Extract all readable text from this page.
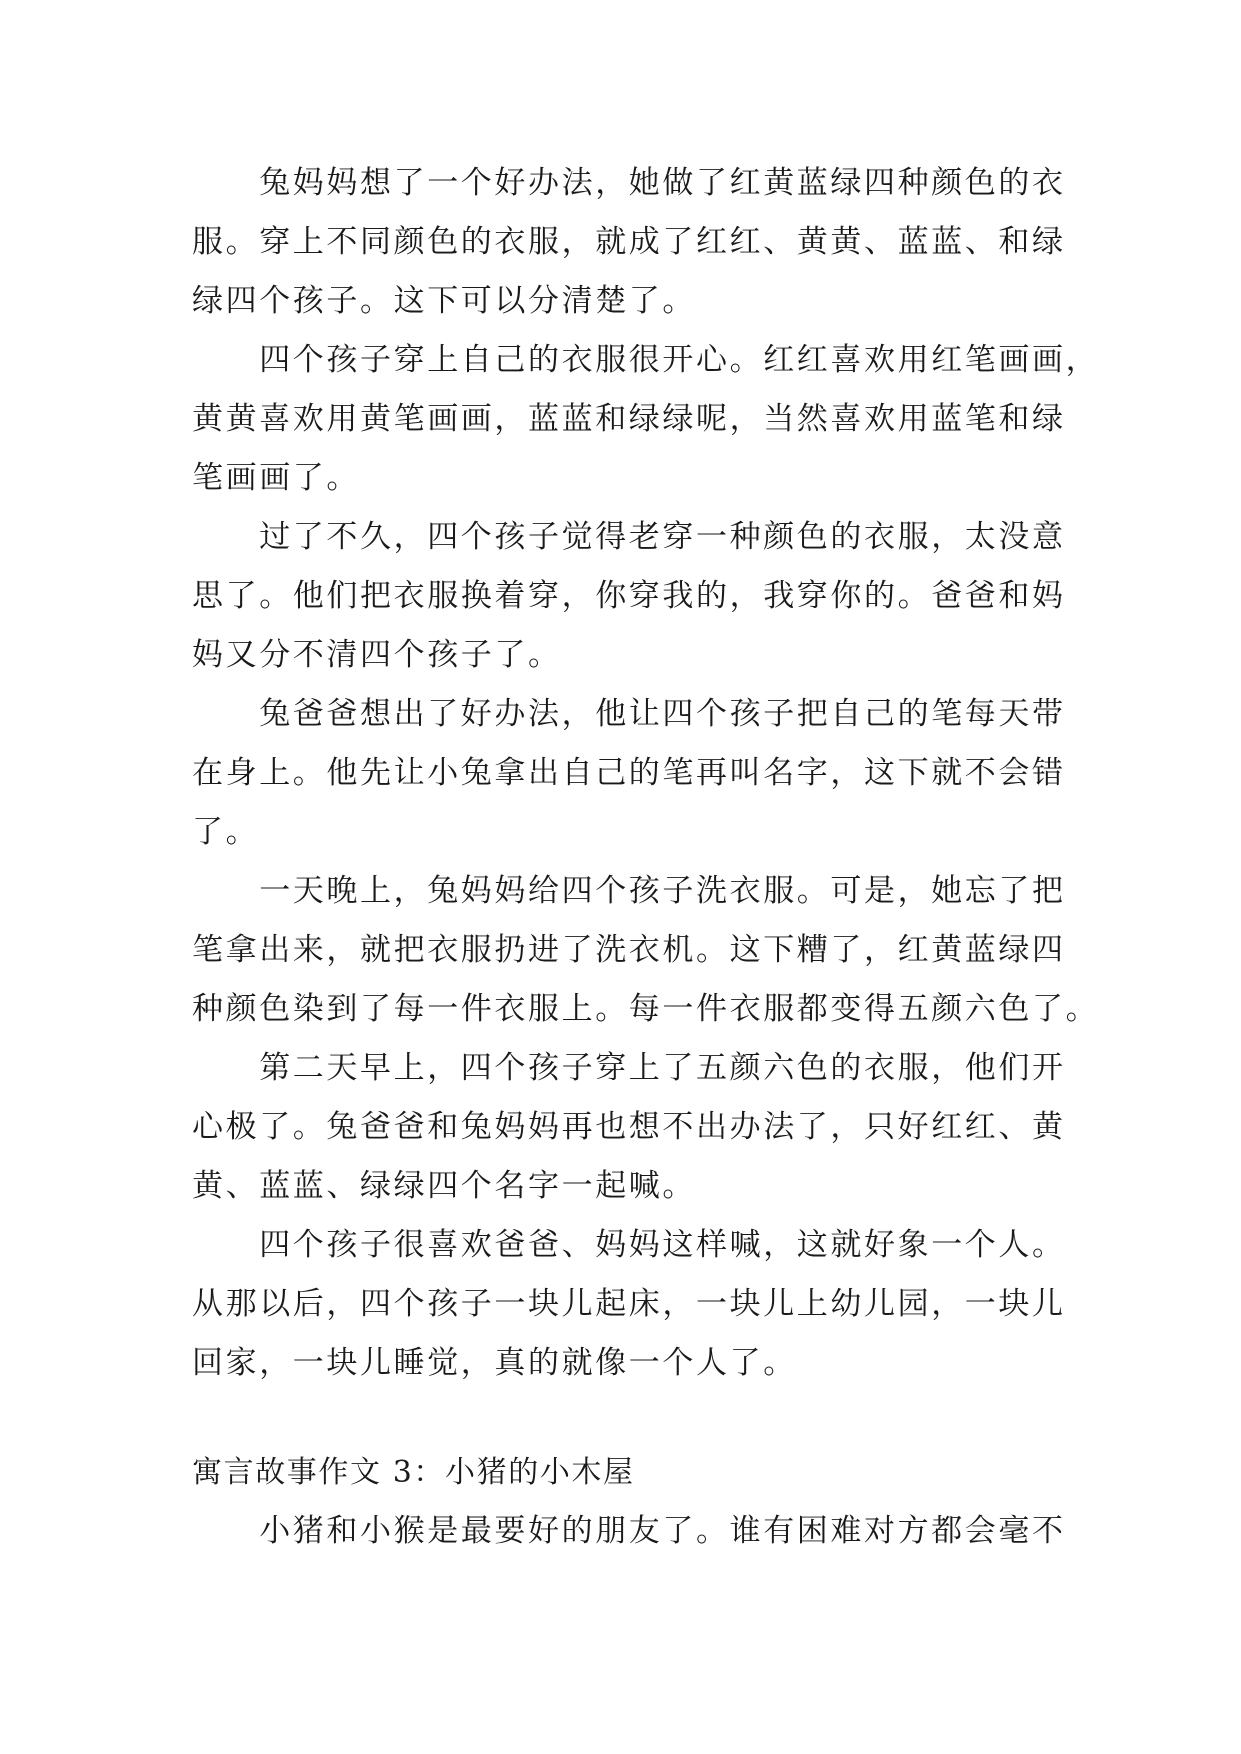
　　兔妈妈想了一个好办法，她做了红黄蓝绿四种颜色的衣
服。穿上不同颜色的衣服，就成了红红、黄黄、蓝蓝、和绿
绿四个孩子。这下可以分清楚了。
　　四个孩子穿上自己的衣服很开心。红红喜欢用红笔画画，
黄黄喜欢用黄笔画画，蓝蓝和绿绿呢，当然喜欢用蓝笔和绿
笔画画了。
　　过了不久，四个孩子觉得老穿一种颜色的衣服，太没意
思了。他们把衣服换着穿，你穿我的，我穿你的。爸爸和妈
妈又分不清四个孩子了。
　　兔爸爸想出了好办法，他让四个孩子把自己的笔每天带
在身上。他先让小兔拿出自己的笔再叫名字，这下就不会错
了。
　　一天晚上，兔妈妈给四个孩子洗衣服。可是，她忘了把
笔拿出来，就把衣服扔进了洗衣机。这下糟了，红黄蓝绿四
种颜色染到了每一件衣服上。每一件衣服都变得五颜六色了。
　　第二天早上，四个孩子穿上了五颜六色的衣服，他们开
心极了。兔爸爸和兔妈妈再也想不出办法了，只好红红、黄
黄、蓝蓝、绿绿四个名字一起喊。
　　四个孩子很喜欢爸爸、妈妈这样喊，这就好象一个人。
从那以后，四个孩子一块儿起床，一块儿上幼儿园，一块儿
回家，一块儿睡觉，真的就像一个人了。
寓言故事作文 3：小猪的小木屋
　　小猪和小猴是最要好的朋友了。谁有困难对方都会毫不
